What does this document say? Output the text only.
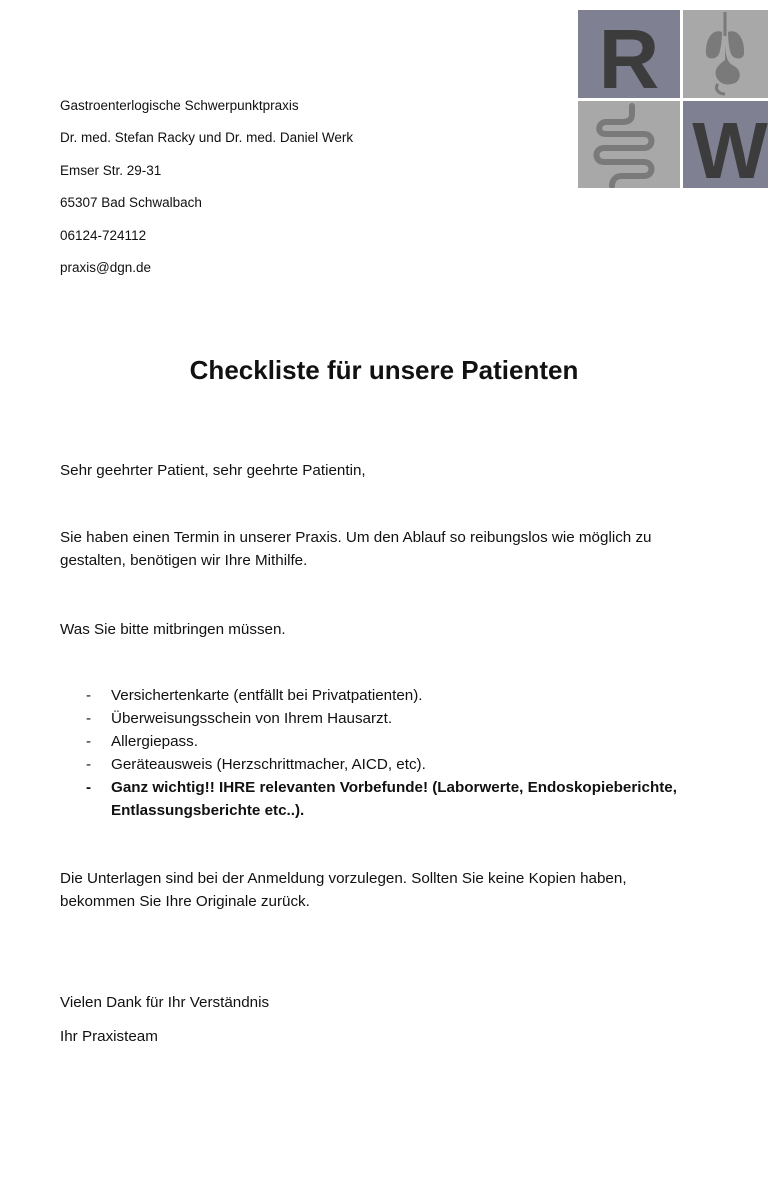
R
W
Gastroenterlogische Schwerpunktpraxis
Dr. med. Stefan Racky und Dr. med. Daniel Werk
Emser Str. 29-31
65307 Bad Schwalbach
06124-724112
praxis@dgn.de
Checkliste für unsere Patienten
Sehr geehrter Patient, sehr geehrte Patientin,
Sie haben einen Termin in unserer Praxis. Um den Ablauf so reibungslos wie möglich zu gestalten, benötigen wir Ihre Mithilfe.
Was Sie bitte mitbringen müssen.
- Versichertenkarte (entfällt bei Privatpatienten).
- Überweisungsschein von Ihrem Hausarzt.
- Allergiepass.
- Geräteausweis (Herzschrittmacher, AICD, etc).
- Ganz wichtig!! IHRE relevanten Vorbefunde! (Laborwerte, Endoskopieberichte, Entlassungsberichte etc..).
Die Unterlagen sind bei der Anmeldung vorzulegen. Sollten Sie keine Kopien haben, bekommen Sie Ihre Originale zurück.
Vielen Dank für Ihr Verständnis
Ihr Praxisteam
